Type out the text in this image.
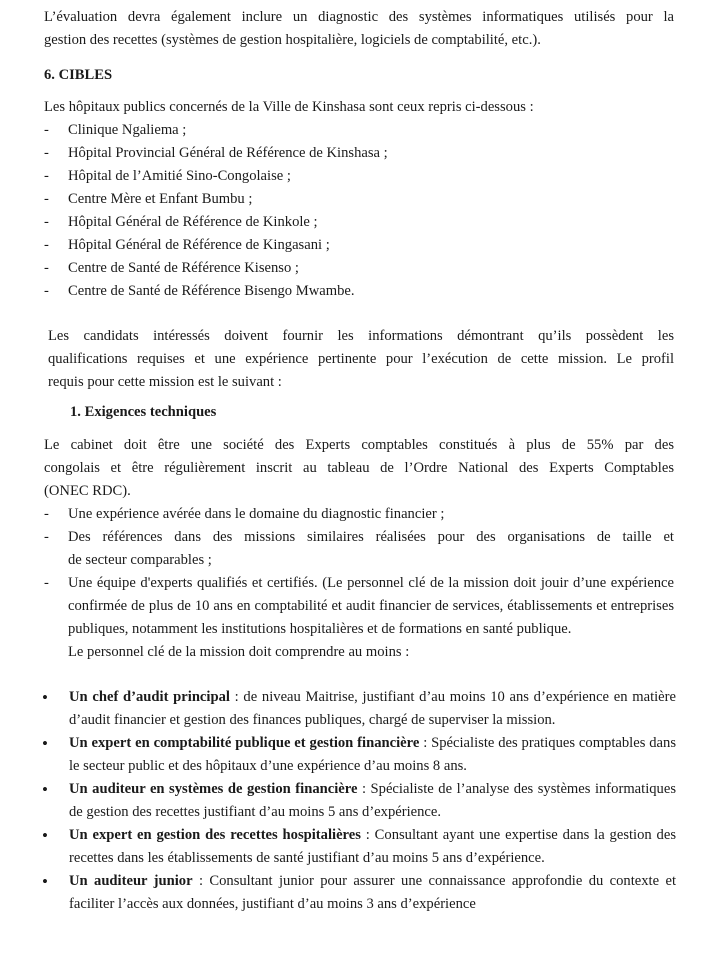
L’évaluation devra également inclure un diagnostic des systèmes informatiques utilisés pour la
gestion des recettes (systèmes de gestion hospitalière, logiciels de comptabilité, etc.).
6. CIBLES
Les hôpitaux publics concernés de la Ville de Kinshasa sont ceux repris ci-dessous :
- Clinique Ngaliema ;
- Hôpital Provincial Général de Référence de Kinshasa ;
- Hôpital de l’Amitié Sino-Congolaise ;
- Centre Mère et Enfant Bumbu ;
- Hôpital Général de Référence de Kinkole ;
- Hôpital Général de Référence de Kingasani ;
- Centre de Santé de Référence Kisenso ;
- Centre de Santé de Référence Bisengo Mwambe.
Les candidats intéressés doivent fournir les informations démontrant qu’ils possèdent les
qualifications requises et une expérience pertinente pour l’exécution de cette mission. Le profil
requis pour cette mission est le suivant :
1. Exigences techniques
Le cabinet doit être une société des Experts comptables constitués à plus de 55% par des
congolais et être régulièrement inscrit au tableau de l’Ordre National des Experts Comptables
(ONEC RDC).
- Une expérience avérée dans le domaine du diagnostic financier ;
- Des références dans des missions similaires réalisées pour des organisations de taille et
de secteur comparables ;
- Une équipe d'experts qualifiés et certifiés. (Le personnel clé de la mission doit jouir d’une expérience confirmée de plus de 10 ans en comptabilité et audit financier de services, établissements et entreprises publiques, notamment les institutions hospitalières et de formations en santé publique.
Le personnel clé de la mission doit comprendre au moins :
• Un chef d’audit principal : de niveau Maitrise, justifiant d’au moins 10 ans d’expérience en matière d’audit financier et gestion des finances publiques, chargé de superviser la mission.
• Un expert en comptabilité publique et gestion financière : Spécialiste des pratiques comptables dans le secteur public et des hôpitaux d’une expérience d’au moins 8 ans.
• Un auditeur en systèmes de gestion financière : Spécialiste de l’analyse des systèmes informatiques de gestion des recettes justifiant d’au moins 5 ans d’expérience.
• Un expert en gestion des recettes hospitalières : Consultant ayant une expertise dans la gestion des recettes dans les établissements de santé justifiant d’au moins 5 ans d’expérience.
• Un auditeur junior : Consultant junior pour assurer une connaissance approfondie du contexte et faciliter l’accès aux données, justifiant d’au moins 3 ans d’expérience
